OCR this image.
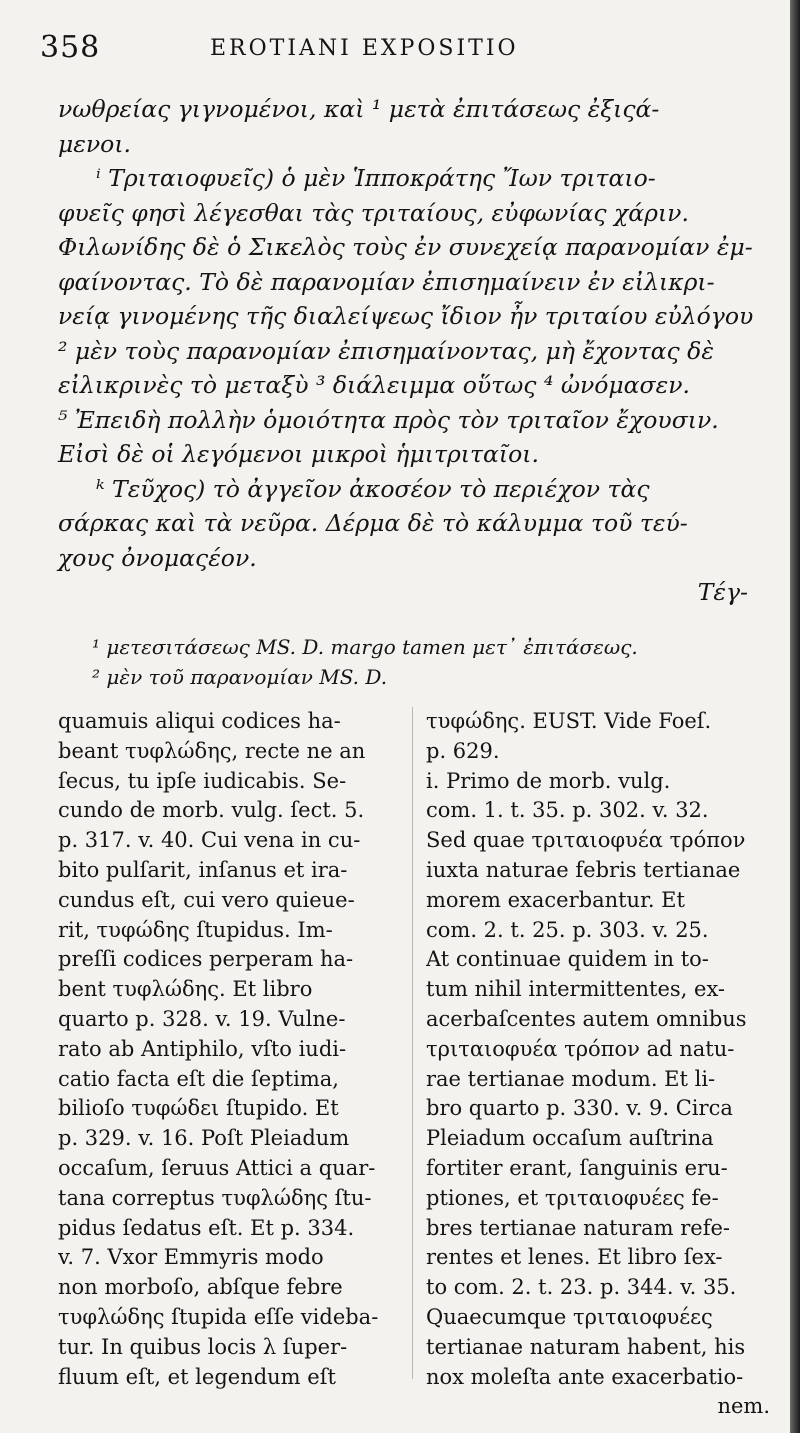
358	EROTIANI EXPOSITIO
νωθρείας γιγνομένοι, καὶ ¹ μετὰ ἐπιτάσεως ἐξιςά-
μενοι.
ⁱ Τριταιοφυεῖς) ὁ μὲν Ἱπποκράτης Ἴων τριταιο-
φυεῖς φησὶ λέγεσθαι τὰς τριταίους, εὐφωνίας χάριν.
Φιλωνίδης δὲ ὁ Σικελὸς τοὺς ἐν συνεχείᾳ παρανομίαν ἐμ-
φαίνοντας. Τὸ δὲ παρανομίαν ἐπισημαίνειν ἐν εἰλικρι-
νείᾳ γινομένης τῆς διαλείψεως ἴδιον ἦν τριταίου εὐλόγου
² μὲν τοὺς παρανομίαν ἐπισημαίνοντας, μὴ ἔχοντας δὲ
εἰλικρινὲς τὸ μεταξὺ ³ διάλειμμα οὕτως ⁴ ὠνόμασεν.
⁵ Ἐπειδὴ πολλὴν ὁμοιότητα πρὸς τὸν τριταῖον ἔχουσιν.
Εἰσὶ δὲ οἱ λεγόμενοι μικροὶ ἡμιτριταῖοι.
ᵏ Τεῦχος) τὸ ἀγγεῖον ἀκοσέον τὸ περιέχον τὰς
σάρκας καὶ τὰ νεῦρα. Δέρμα δὲ τὸ κάλυμμα τοῦ τεύ-
χους ὀνομαςέον.
Τέγ-
¹ μετεσιτάσεως MS. D. margo tamen μετ᾽ ἐπιτάσεως.
² μὲν τοῦ παρανομίαν MS. D.
quamuis aliqui codices ha-
beant τυφλώδης, recte ne an
ſecus, tu ipſe iudicabis. Se-
cundo de morb. vulg. ſect. 5.
p. 317. v. 40. Cui vena in cu-
bito pulſarit, inſanus et ira-
cundus eſt, cui vero quieue-
rit, τυφώδης ſtupidus. Im-
preſſi codices perperam ha-
bent τυφλώδης. Et libro
quarto p. 328. v. 19. Vulne-
rato ab Antiphilo, vſto iudi-
catio facta eſt die ſeptima,
bilioſo τυφώδει ſtupido. Et
p. 329. v. 16. Poſt Pleiadum
occaſum, ſeruus Attici a quar-
tana correptus τυφλώδης ſtu-
pidus ſedatus eſt. Et p. 334.
v. 7. Vxor Emmyris modo
non morboſo, abſque febre
τυφλώδης ſtupida eſſe videba-
tur. In quibus locis λ ſuper-
fluum eſt, et legendum eſt
τυφώδης. EUST. Vide Foeſ.
p. 629.
i. Primo de morb. vulg.
com. 1. t. 35. p. 302. v. 32.
Sed quae τριταιοφυέα τρόπον
iuxta naturae febris tertianae
morem exacerbantur. Et
com. 2. t. 25. p. 303. v. 25.
At continuae quidem in to-
tum nihil intermittentes, ex-
acerbaſcentes autem omnibus
τριταιοφυέα τρόπον ad natu-
rae tertianae modum. Et li-
bro quarto p. 330. v. 9. Circa
Pleiadum occaſum auſtrina
fortiter erant, ſanguinis eru-
ptiones, et τριταιοφυέες fe-
bres tertianae naturam refe-
rentes et lenes. Et libro ſex-
to com. 2. t. 23. p. 344. v. 35.
Quaecumque τριταιοφυέες
tertianae naturam habent, his
nox moleſta ante exacerbatio-
nem.
